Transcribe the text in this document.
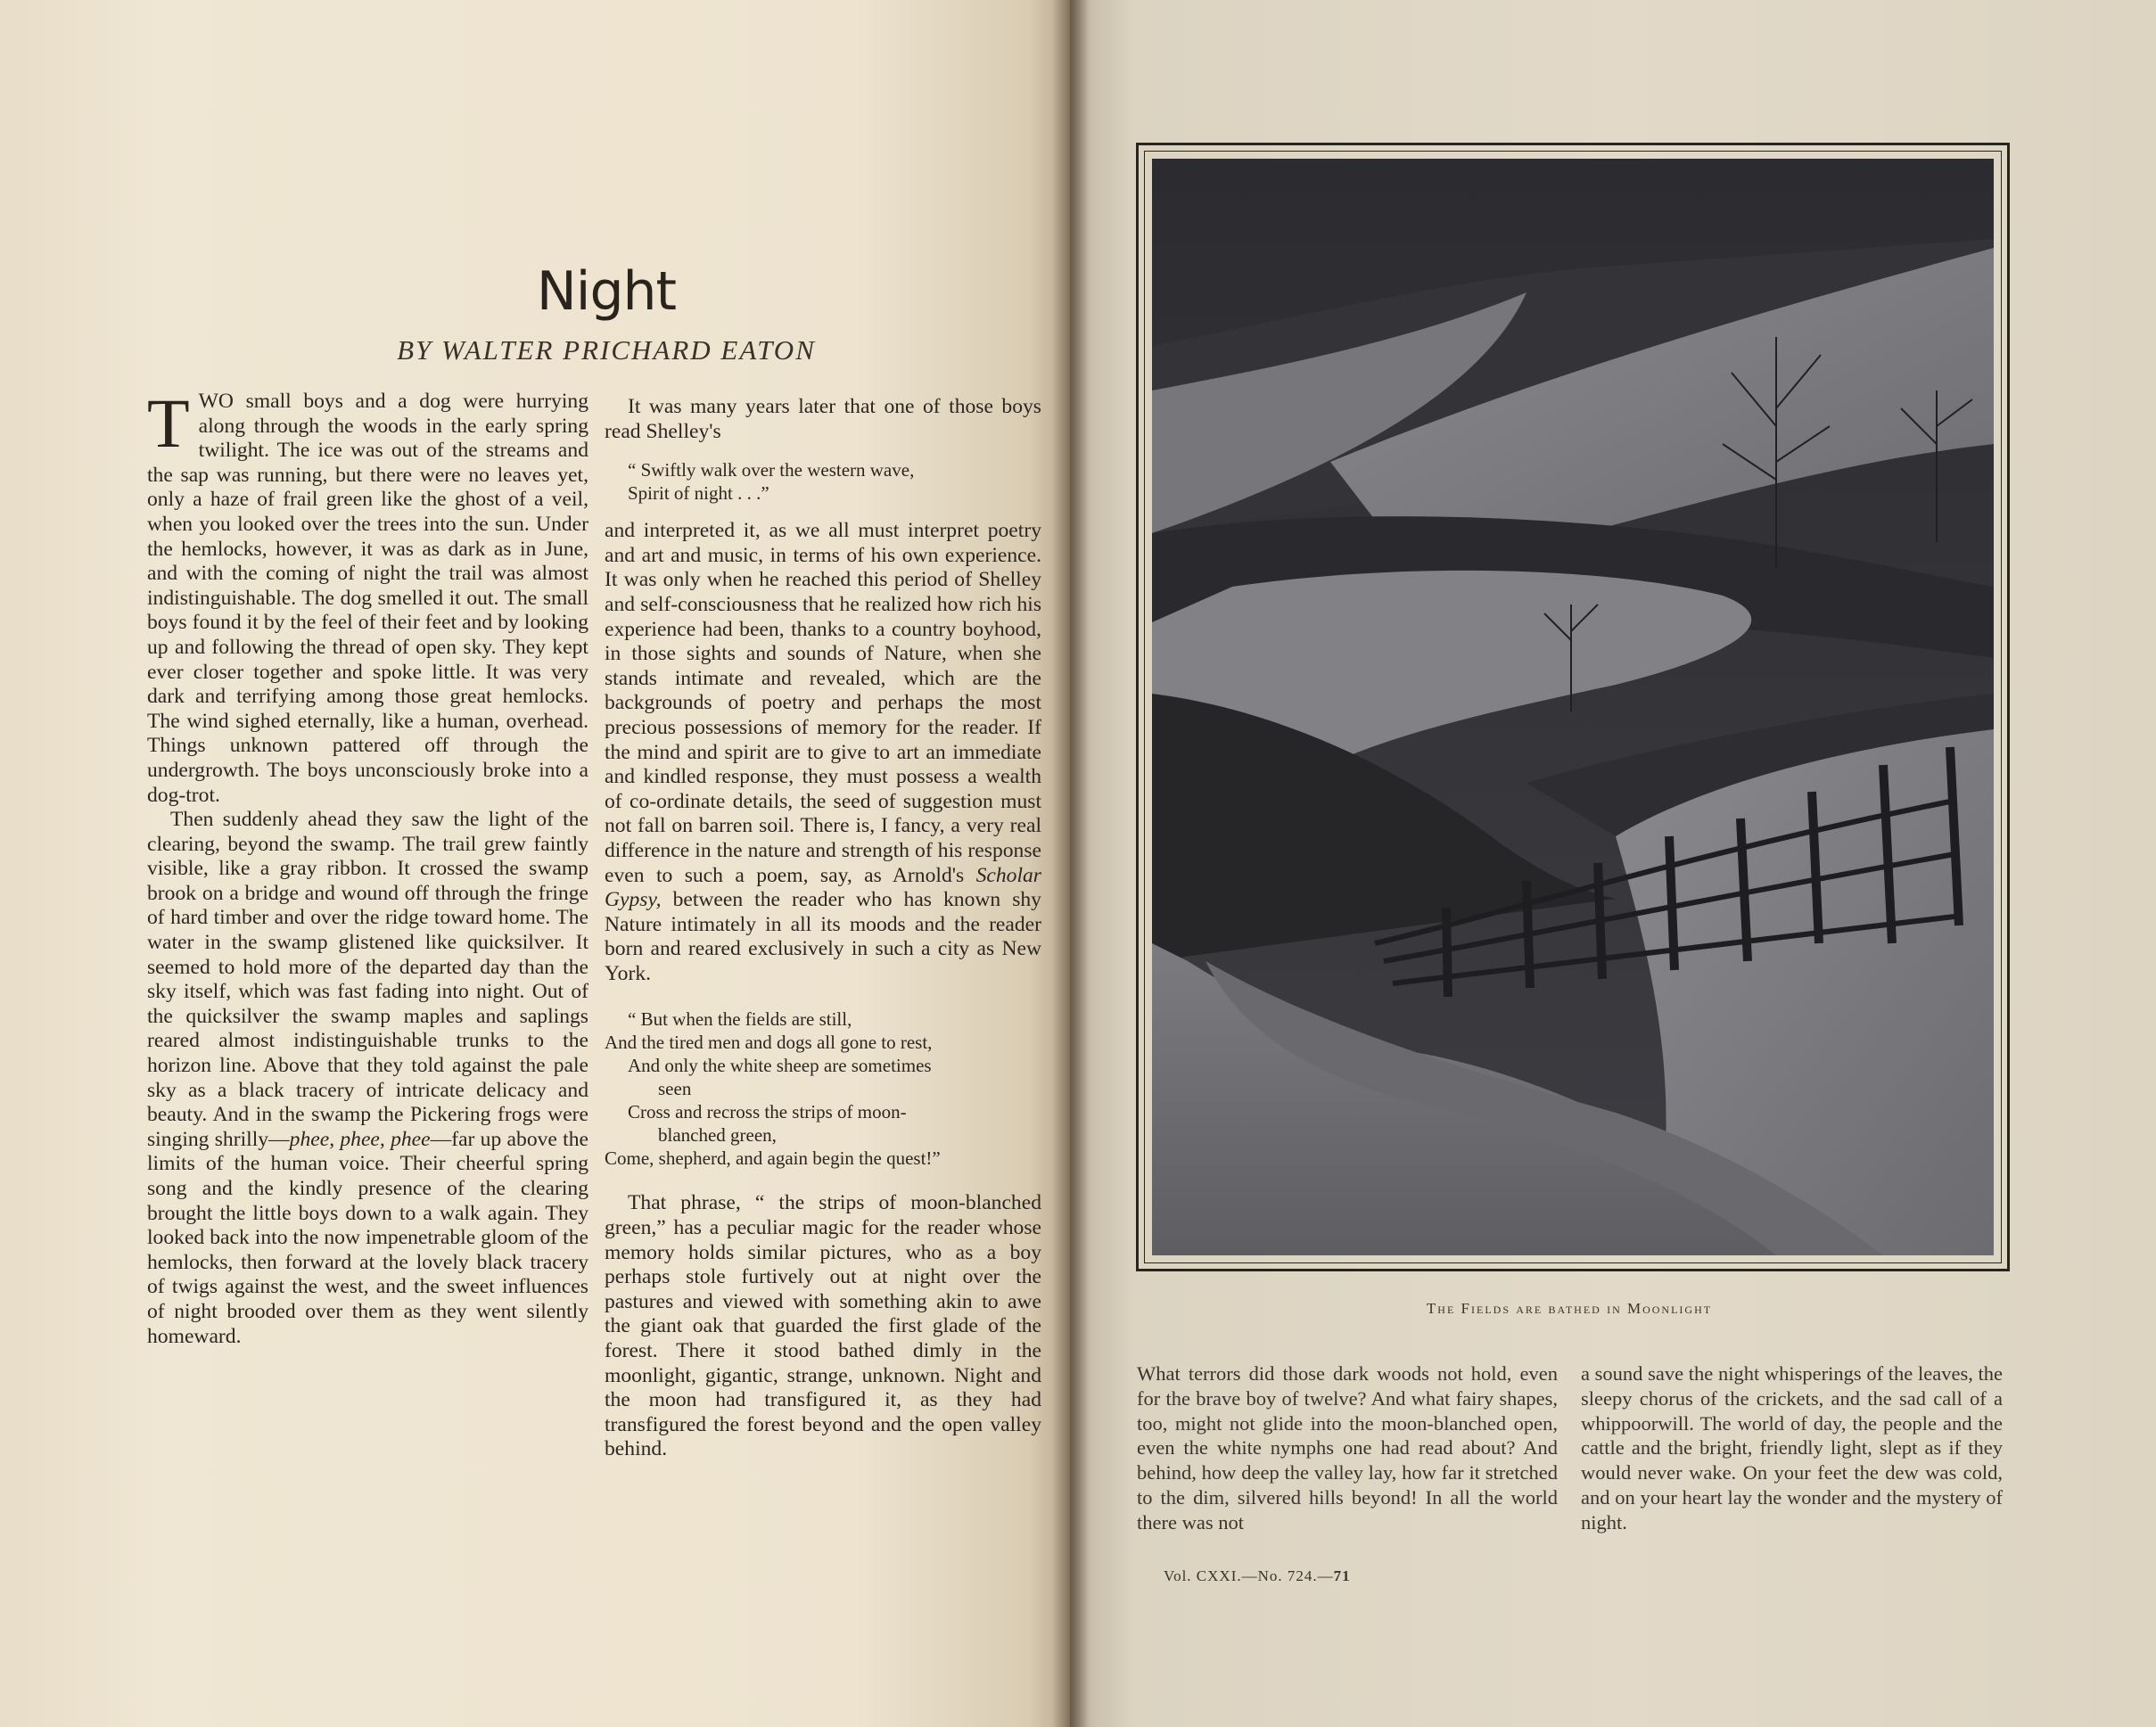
Night
BY WALTER PRICHARD EATON

TWO small boys and a dog were hurrying along through the woods in the early spring twilight. The ice was out of the streams and the sap was running, but there were no leaves yet, only a haze of frail green like the ghost of a veil, when you looked over the trees into the sun. Under the hemlocks, however, it was as dark as in June, and with the coming of night the trail was almost indistinguishable. The dog smelled it out. The small boys found it by the feel of their feet and by looking up and following the thread of open sky. They kept ever closer together and spoke little. It was very dark and terrifying among those great hemlocks. The wind sighed eternally, like a human, overhead. Things unknown pattered off through the undergrowth. The boys unconsciously broke into a dog-trot.

Then suddenly ahead they saw the light of the clearing, beyond the swamp. The trail grew faintly visible, like a gray ribbon. It crossed the swamp brook on a bridge and wound off through the fringe of hard timber and over the ridge toward home. The water in the swamp glistened like quicksilver. It seemed to hold more of the departed day than the sky itself, which was fast fading into night. Out of the quicksilver the swamp maples and saplings reared almost indistinguishable trunks to the horizon line. Above that they told against the pale sky as a black tracery of intricate delicacy and beauty. And in the swamp the Pickering frogs were singing shrilly—phee, phee, phee—far up above the limits of the human voice. Their cheerful spring song and the kindly presence of the clearing brought the little boys down to a walk again. They looked back into the now impenetrable gloom of the hemlocks, then forward at the lovely black tracery of twigs against the west, and the sweet influences of night brooded over them as they went silently homeward.

It was many years later that one of those boys read Shelley's

“ Swiftly walk over the western wave,
Spirit of night . . .”

and interpreted it, as we all must interpret poetry and art and music, in terms of his own experience. It was only when he reached this period of Shelley and self-consciousness that he realized how rich his experience had been, thanks to a country boyhood, in those sights and sounds of Nature, when she stands intimate and revealed, which are the backgrounds of poetry and perhaps the most precious possessions of memory for the reader. If the mind and spirit are to give to art an immediate and kindled response, they must possess a wealth of co-ordinate details, the seed of suggestion must not fall on barren soil. There is, I fancy, a very real difference in the nature and strength of his response even to such a poem, say, as Arnold's Scholar Gypsy, between the reader who has known shy Nature intimately in all its moods and the reader born and reared exclusively in such a city as New York.

“ But when the fields are still,
And the tired men and dogs all gone to rest,
And only the white sheep are sometimes
seen
Cross and recross the strips of moon-
blanched green,
Come, shepherd, and again begin the quest!”

That phrase, “ the strips of moon-blanched green,” has a peculiar magic for the reader whose memory holds similar pictures, who as a boy perhaps stole furtively out at night over the pastures and viewed with something akin to awe the giant oak that guarded the first glade of the forest. There it stood bathed dimly in the moonlight, gigantic, strange, unknown. Night and the moon had transfigured it, as they had transfigured the forest beyond and the open valley behind.

The Fields are bathed in Moonlight
What terrors did those dark woods not hold, even for the brave boy of twelve? And what fairy shapes, too, might not glide into the moon-blanched open, even the white nymphs one had read about? And behind, how deep the valley lay, how far it stretched to the dim, silvered hills beyond! In all the world there was not
a sound save the night whisperings of the leaves, the sleepy chorus of the crickets, and the sad call of a whippoorwill. The world of day, the people and the cattle and the bright, friendly light, slept as if they would never wake. On your feet the dew was cold, and on your heart lay the wonder and the mystery of night.
Vol. CXXI.—No. 724.—71
